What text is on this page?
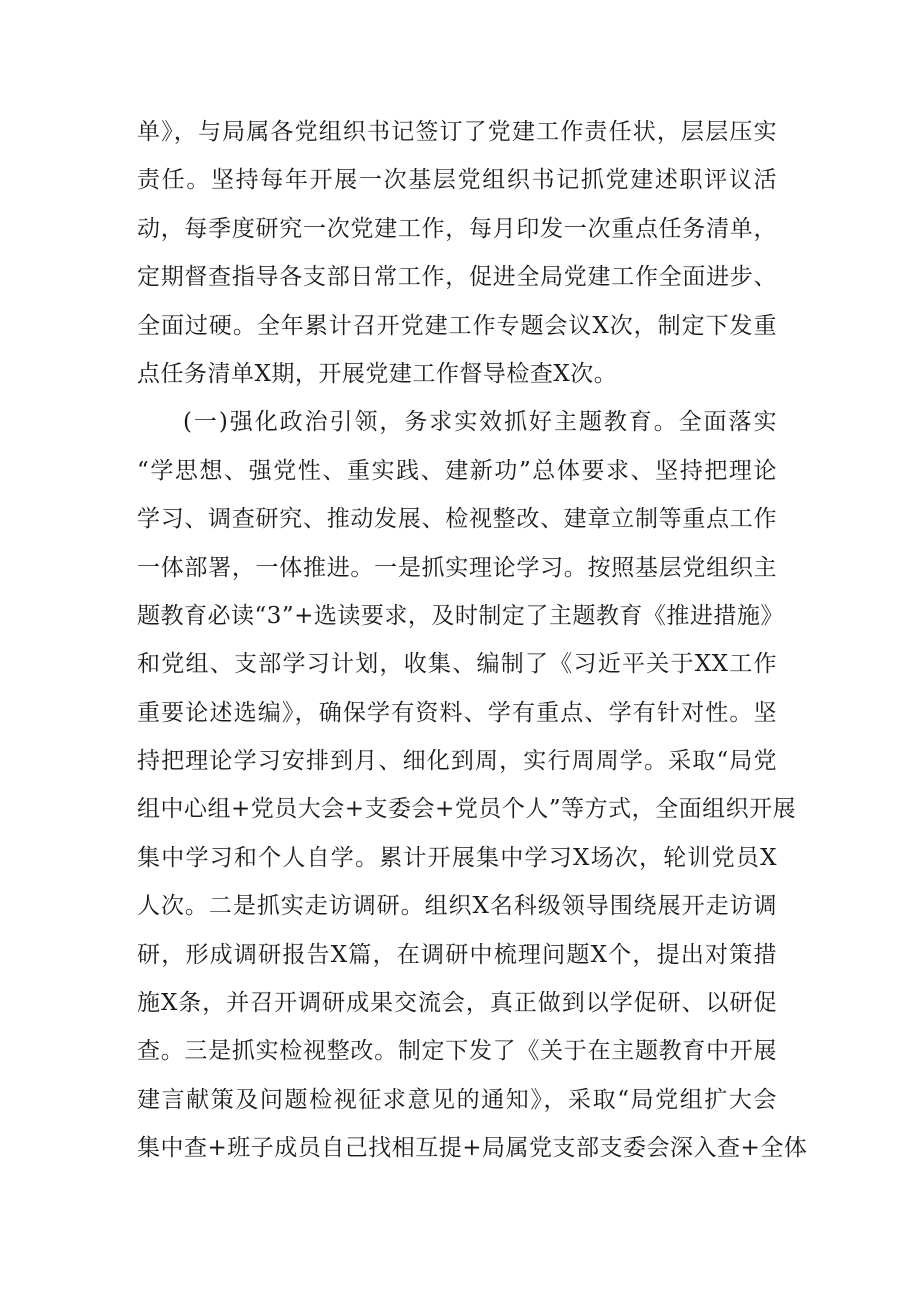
单》，与局属各党组织书记签订了党建工作责任状，层层压实
责任。坚持每年开展一次基层党组织书记抓党建述职评议活
动，每季度研究一次党建工作，每月印发一次重点任务清单，
定期督查指导各支部日常工作，促进全局党建工作全面进步、
全面过硬。全年累计召开党建工作专题会议X次，制定下发重
点任务清单X期，开展党建工作督导检查X次。
(一)强化政治引领，务求实效抓好主题教育。全面落实
“学思想、强党性、重实践、建新功”总体要求、坚持把理论
学习、调查研究、推动发展、检视整改、建章立制等重点工作
一体部署，一体推进。一是抓实理论学习。按照基层党组织主
题教育必读“3”+选读要求，及时制定了主题教育《推进措施》
和党组、支部学习计划，收集、编制了《习近平关于XX工作
重要论述选编》，确保学有资料、学有重点、学有针对性。坚
持把理论学习安排到月、细化到周，实行周周学。采取“局党
组中心组+党员大会+支委会+党员个人”等方式，全面组织开展
集中学习和个人自学。累计开展集中学习X场次，轮训党员X
人次。二是抓实走访调研。组织X名科级领导围绕展开走访调
研，形成调研报告X篇，在调研中梳理问题X个，提出对策措
施X条，并召开调研成果交流会，真正做到以学促研、以研促
查。三是抓实检视整改。制定下发了《关于在主题教育中开展
建言献策及问题检视征求意见的通知》，采取“局党组扩大会
集中查+班子成员自己找相互提+局属党支部支委会深入查+全体
